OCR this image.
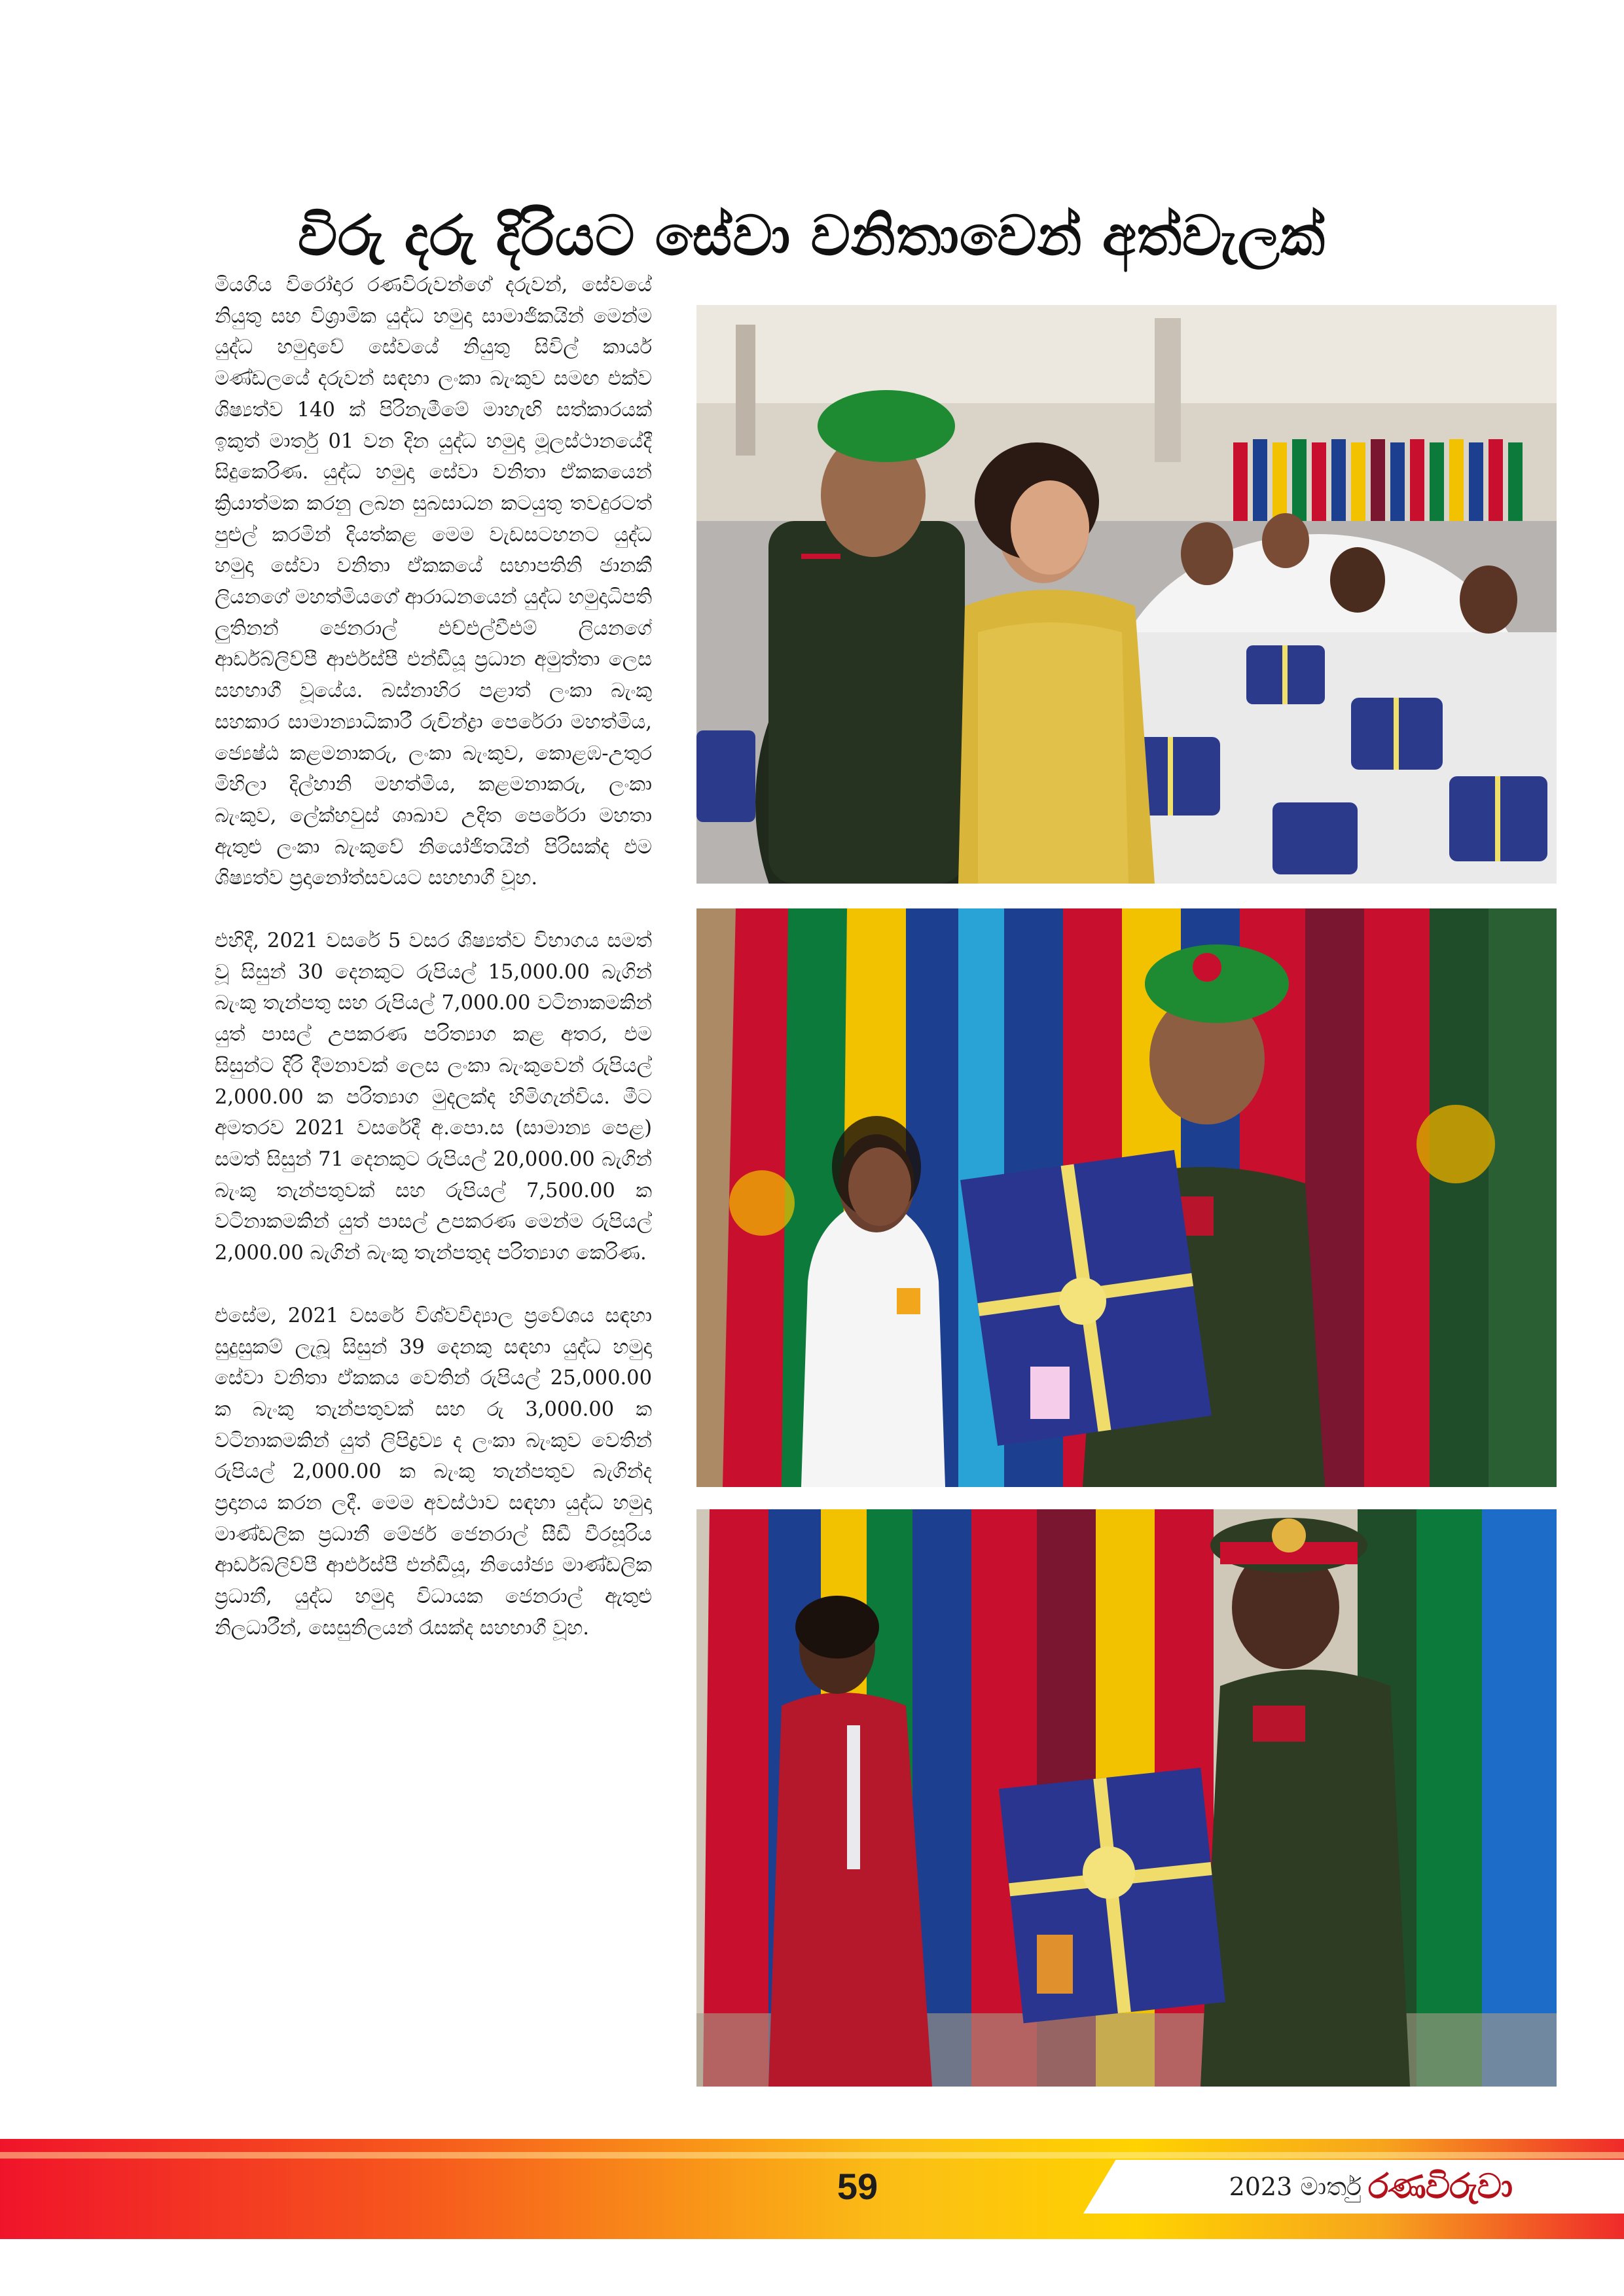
විරු දරු දිරියට සේවා වනිතාවෙන් අත්වැලක්

මියගිය විරෝදාර රණවිරුවන්ගේ දරුවන්, සේවයේ නියුතු සහ විශ්‍රාමික යුද්ධ හමුදා සාමාජිකයින් මෙන්ම යුද්ධ හමුදාවේ සේවයේ නියුතු සිවිල් කාර්ය මණ්ඩලයේ දරුවන් සඳහා ලංකා බැංකුව සමඟ එක්ව ශිෂ්‍යත්ව 140 ක් පිරිනැමීමේ මාහැඟි සත්කාරයක් ඉකුත් මාර්තු 01 වන දින යුද්ධ හමුදා මූලස්ථානයේදී සිදුකෙරිණ. යුද්ධ හමුදා සේවා වනිතා ඒකකයෙන් ක්‍රියාත්මක කරනු ලබන සුබසාධන කටයුතු තවදුරටත් පුළුල් කරමින් දියත්කළ මෙම වැඩසටහනට යුද්ධ හමුදා සේවා වනිතා ඒකකයේ සභාපතිනි ජානකී ලියනගේ මහත්මියගේ ආරාධනයෙන් යුද්ධ හමුදාධිපති ලුතිනන් ජෙනරාල් එච්එල්වීඑම් ලියනගේ ආර්ඩබ්ලිව්පී ආර්එස්පී එන්ඩීයූ ප්‍රධාන අමුත්තා ලෙස සහභාගී වූයේය. බස්නාහිර පළාත් ලංකා බැංකු සහකාර සාමාන්‍යාධිකාරී රුචින්ද්‍රා පෙරේරා මහත්මිය, ජ්‍යෙෂ්ඨ කළමනාකරු, ලංකා බැංකුව, කොළඹ-උතුර මිහිලා දිල්හානි මහත්මිය, කළමනාකරු, ලංකා බැංකුව, ලේක්හවුස් ශාඛාව උදිත පෙරේරා මහතා ඇතුළු ලංකා බැංකුවේ නියෝජිතයින් පිරිසක්ද එම ශිෂ්‍යත්ව ප්‍රදානෝත්සවයට සහභාගී වූහ.

එහිදී, 2021 වසරේ 5 වසර ශිෂ්‍යත්ව විභාගය සමත් වූ සිසුන් 30 දෙනකුට රුපියල් 15,000.00 බැගින් බැංකු තැන්පතු සහ රුපියල් 7,000.00 වටිනාකමකින් යුත් පාසල් උපකරණ පරිත්‍යාග කළ අතර, එම සිසුන්ට දිරි දීමනාවක් ලෙස ලංකා බැංකුවෙන් රුපියල් 2,000.00 ක පරිත්‍යාග මුදලක්ද හිමිගැන්විය. මීට අමතරව 2021 වසරේදී අ.පො.ස (සාමාන්‍ය පෙළ) සමත් සිසුන් 71 දෙනකුට රුපියල් 20,000.00 බැගින් බැංකු තැන්පතුවක් සහ රුපියල් 7,500.00 ක වටිනාකමකින් යුත් පාසල් උපකරණ මෙන්ම රුපියල් 2,000.00 බැගින් බැංකු තැන්පතුද පරිත්‍යාග කෙරිණ.

එසේම, 2021 වසරේ විශ්වවිද්‍යාල ප්‍රවේශය සඳහා සුදුසුකම් ලැබූ සිසුන් 39 දෙනකු සඳහා යුද්ධ හමුදා සේවා වනිතා ඒකකය වෙතින් රුපියල් 25,000.00 ක බැංකු තැන්පතුවක් සහ රු 3,000.00 ක වටිනාකමකින් යුත් ලිපිද්‍රව්‍ය ද ලංකා බැංකුව වෙතින් රුපියල් 2,000.00 ක බැංකු තැන්පතුව බැගින්ද ප්‍රදානය කරන ලදී. මෙම අවස්ථාව සඳහා යුද්ධ හමුදා මාණ්ඩලික ප්‍රධානී මේජර් ජෙනරාල් සීඩී වීරසූරිය ආර්ඩබ්ලිව්පී ආර්එස්පී එන්ඩීයූ, නියෝජ්‍ය මාණ්ඩලික ප්‍රධානී, යුද්ධ හමුදා විධායක ජෙනරාල් ඇතුළු නිලධාරීන්, සෙසුනිලයන් රැසක්ද සහභාගී වූහ.

59	2023 මාර්තු රණවිරුවා
